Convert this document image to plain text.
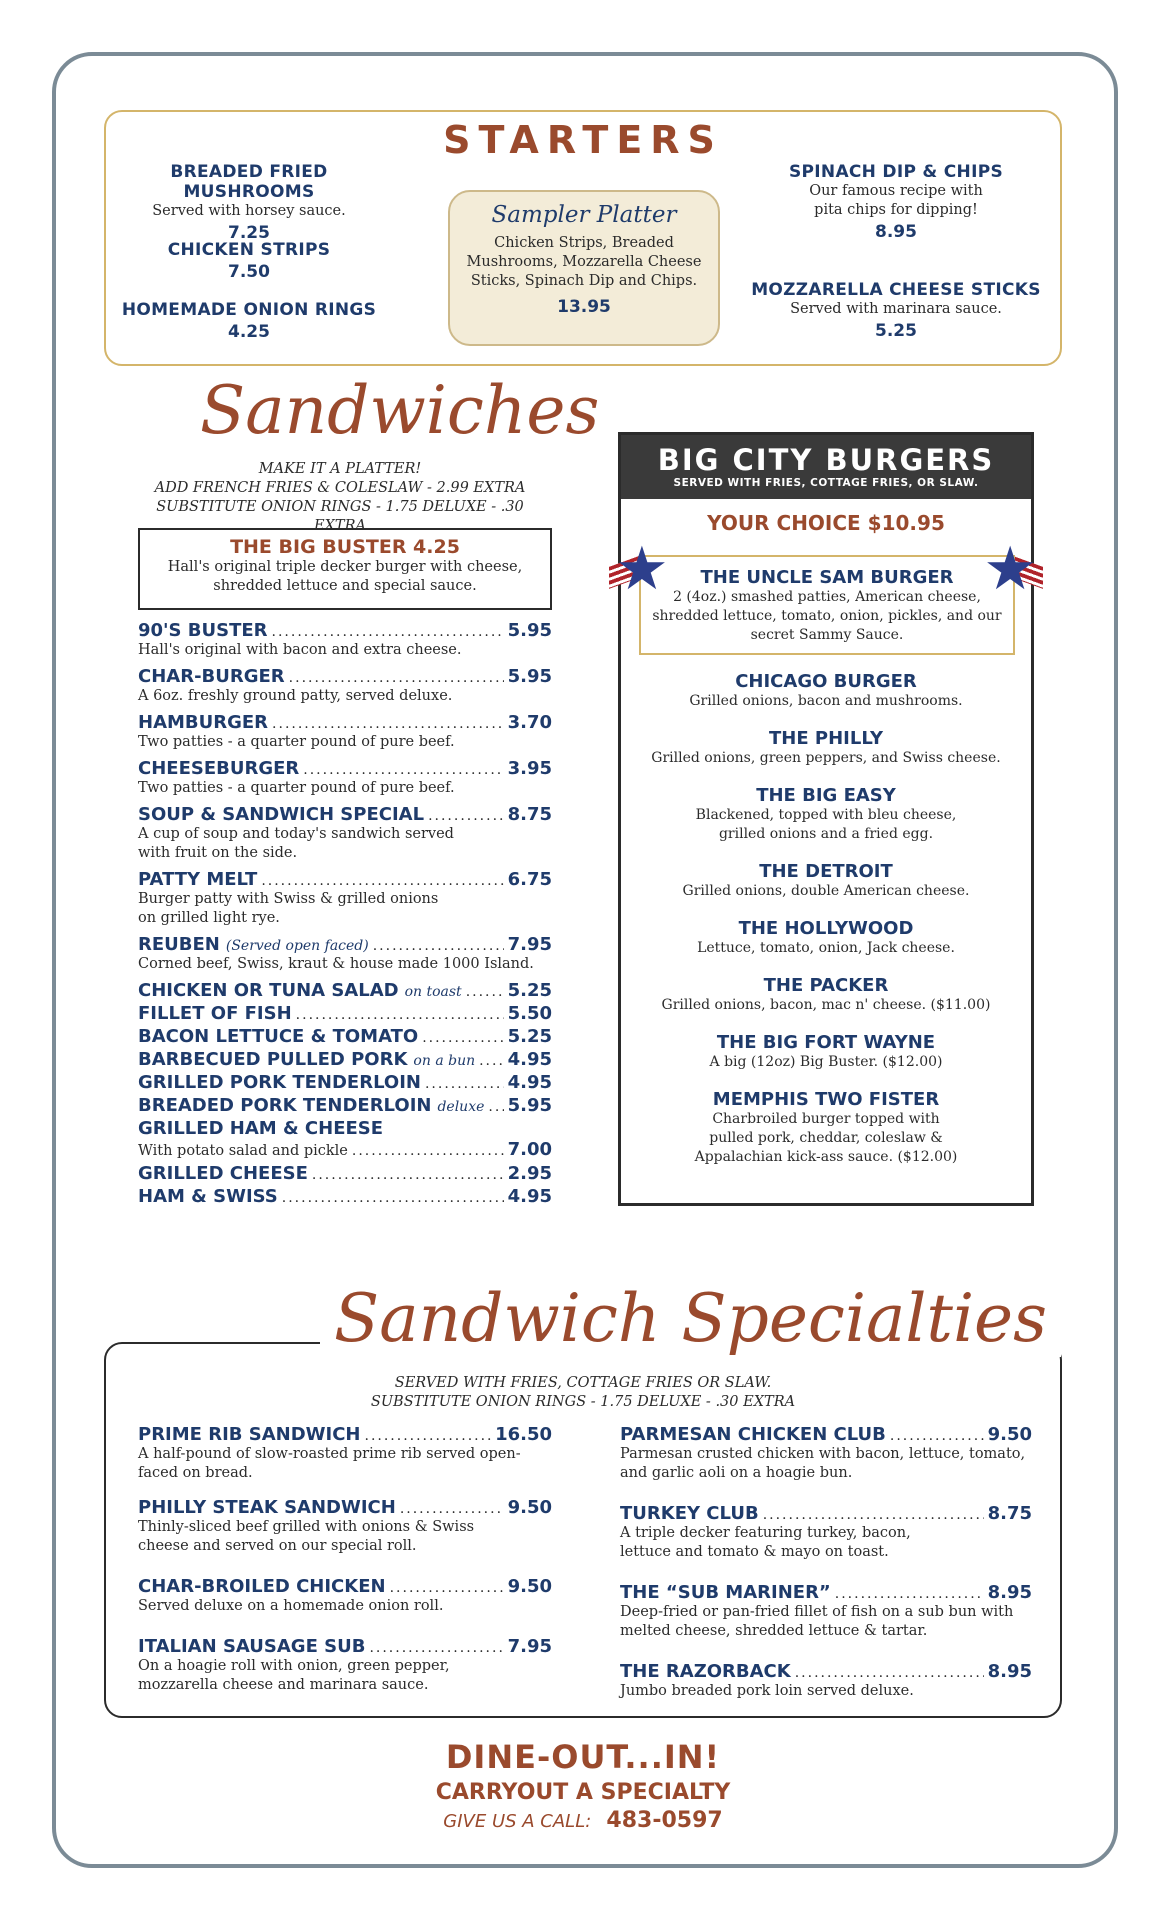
STARTERS
BREADED FRIED MUSHROOMS
Served with horsey sauce.
7.25
CHICKEN STRIPS
7.50
HOMEMADE ONION RINGS
4.25
SPINACH DIP & CHIPS
Our famous recipe with
pita chips for dipping!
8.95
MOZZARELLA CHEESE STICKS
Served with marinara sauce.
5.25
Sampler Platter
Chicken Strips, Breaded Mushrooms, Mozzarella Cheese Sticks, Spinach Dip and Chips.
13.95
Sandwiches
MAKE IT A PLATTER!
ADD FRENCH FRIES & COLESLAW - 2.99 EXTRA
SUBSTITUTE ONION RINGS - 1.75 DELUXE - .30 EXTRA
THE BIG BUSTER 4.25
Hall's original triple decker burger with cheese, shredded lettuce and special sauce.
90'S BUSTER .....	5.95
Hall's original with bacon and extra cheese.
CHAR-BURGER .....	5.95
A 6oz. freshly ground patty, served deluxe.
HAMBURGER .....	3.70
Two patties - a quarter pound of pure beef.
CHEESEBURGER .....	3.95
Two patties - a quarter pound of pure beef.
SOUP & SANDWICH SPECIAL .....	8.75
A cup of soup and today's sandwich served with fruit on the side.
PATTY MELT .....	6.75
Burger patty with Swiss & grilled onions on grilled light rye.
REUBEN (Served open faced) .....	7.95
Corned beef, Swiss, kraut & house made 1000 Island.
CHICKEN OR TUNA SALAD on toast .....	5.25
FILLET OF FISH .....	5.50
BACON LETTUCE & TOMATO .....	5.25
BARBECUED PULLED PORK on a bun ..... 4.95
GRILLED PORK TENDERLOIN .....	4.95
BREADED PORK TENDERLOIN deluxe ..... 5.95
GRILLED HAM & CHEESE
With potato salad and pickle .....	7.00
GRILLED CHEESE .....	2.95
HAM & SWISS .....	4.95
BIG CITY BURGERS
SERVED WITH FRIES, COTTAGE FRIES, OR SLAW.
YOUR CHOICE $10.95
THE UNCLE SAM BURGER
2 (4oz.) smashed patties, American cheese, shredded lettuce, tomato, onion, pickles, and our secret Sammy Sauce.
★	★
CHICAGO BURGER
Grilled onions, bacon and mushrooms.
THE PHILLY
Grilled onions, green peppers, and Swiss cheese.
THE BIG EASY
Blackened, topped with bleu cheese, grilled onions and a fried egg.
THE DETROIT
Grilled onions, double American cheese.
THE HOLLYWOOD
Lettuce, tomato, onion, Jack cheese.
THE PACKER
Grilled onions, bacon, mac n' cheese. ($11.00)
THE BIG FORT WAYNE
A big (12oz) Big Buster. ($12.00)
MEMPHIS TWO FISTER
Charbroiled burger topped with pulled pork, cheddar, coleslaw & Appalachian kick-ass sauce. ($12.00)
Sandwich Specialties
SERVED WITH FRIES, COTTAGE FRIES OR SLAW.
SUBSTITUTE ONION RINGS - 1.75 DELUXE - .30 EXTRA
PRIME RIB SANDWICH .....	16.50
A half-pound of slow-roasted prime rib served open-faced on bread.
PHILLY STEAK SANDWICH .....	9.50
Thinly-sliced beef grilled with onions & Swiss cheese and served on our special roll.
CHAR-BROILED CHICKEN .....	9.50
Served deluxe on a homemade onion roll.
ITALIAN SAUSAGE SUB .....	7.95
On a hoagie roll with onion, green pepper, mozzarella cheese and marinara sauce.
PARMESAN CHICKEN CLUB .....	9.50
Parmesan crusted chicken with bacon, lettuce, tomato, and garlic aoli on a hoagie bun.
TURKEY CLUB .....	8.75
A triple decker featuring turkey, bacon, lettuce and tomato & mayo on toast.
THE “SUB MARINER” .....	8.95
Deep-fried or pan-fried fillet of fish on a sub bun with melted cheese, shredded lettuce & tartar.
THE RAZORBACK .....	8.95
Jumbo breaded pork loin served deluxe.
DINE-OUT...IN!
CARRYOUT A SPECIALTY
GIVE US A CALL: 483-0597
